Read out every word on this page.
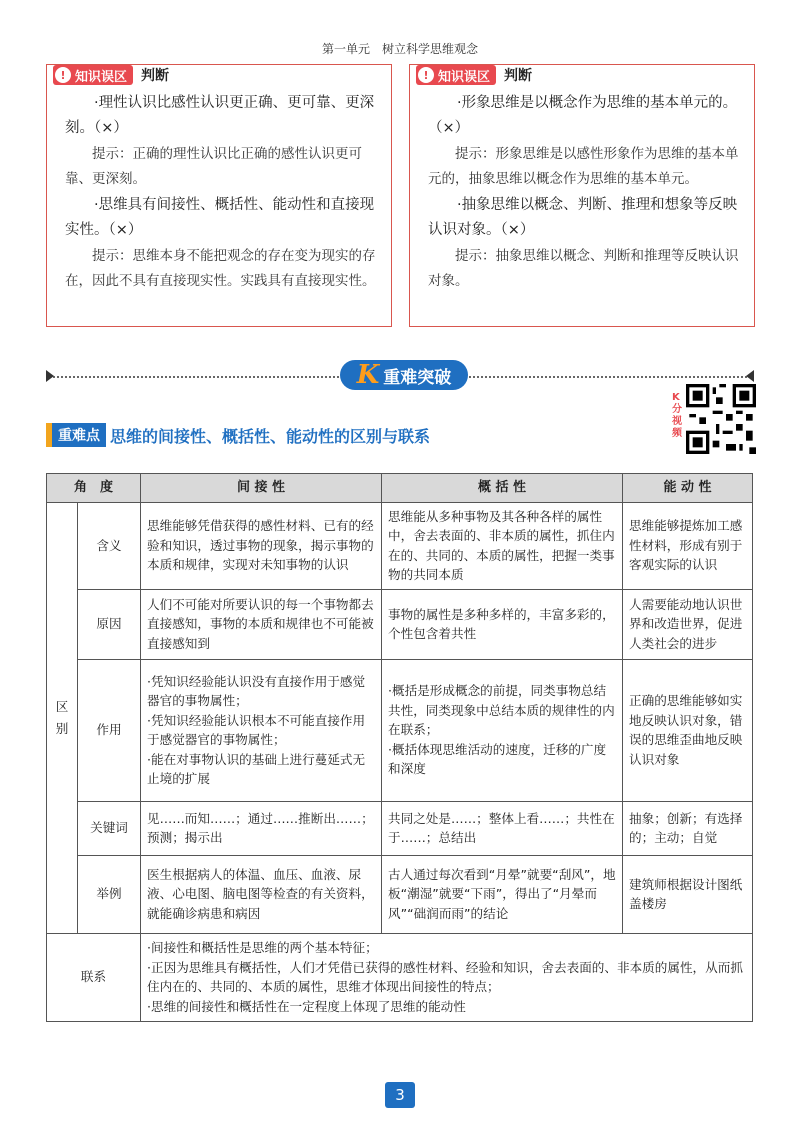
第一单元　树立科学思维观念
! 知识误区 判断

·理性认识比感性认识更正确、更可靠、更深刻。（×）

提示：正确的理性认识比正确的感性认识更可靠、更深刻。

·思维具有间接性、概括性、能动性和直接现实性。（×）

提示：思维本身不能把观念的存在变为现实的存在，因此不具有直接现实性。实践具有直接现实性。

! 知识误区 判断

·形象思维是以概念作为思维的基本单元的。（×）

提示：形象思维是以感性形象作为思维的基本单元的，抽象思维以概念作为思维的基本单元。

·抽象思维以概念、判断、推理和想象等反映认识对象。（×）

提示：抽象思维以概念、判断和推理等反映认识对象。

K 重难突破
重难点 思维的间接性、概括性、能动性的区别与联系
K分视频
角　度		间 接 性	概 括 性	能 动 性
区别	含义	思维能够凭借获得的感性材料、已有的经验和知识，透过事物的现象，揭示事物的本质和规律，实现对未知事物的认识	思维能从多种事物及其各种各样的属性中，舍去表面的、非本质的属性，抓住内在的、共同的、本质的属性，把握一类事物的共同本质	思维能够提炼加工感性材料，形成有别于客观实际的认识
	原因	人们不可能对所要认识的每一个事物都去直接感知，事物的本质和规律也不可能被直接感知到	事物的属性是多种多样的，丰富多彩的，个性包含着共性	人需要能动地认识世界和改造世界，促进人类社会的进步
	作用	·凭知识经验能认识没有直接作用于感觉器官的事物属性；
·凭知识经验能认识根本不可能直接作用于感觉器官的事物属性；
·能在对事物认识的基础上进行蔓延式无止境的扩展	·概括是形成概念的前提，同类事物总结共性，同类现象中总结本质的规律性的内在联系；
·概括体现思维活动的速度，迁移的广度和深度	正确的思维能够如实地反映认识对象，错误的思维歪曲地反映认识对象
	关键词	见……而知……；通过……推断出……；预测；揭示出	共同之处是……；整体上看……；共性在于……；总结出	抽象；创新；有选择的；主动；自觉
	举例	医生根据病人的体温、血压、血液、尿液、心电图、脑电图等检查的有关资料，就能确诊病患和病因	古人通过每次看到“月晕”就要“刮风”，地板“潮湿”就要“下雨”，得出了“月晕而风”“础润而雨”的结论	建筑师根据设计图纸盖楼房
联系		·间接性和概括性是思维的两个基本特征；
·正因为思维具有概括性，人们才凭借已获得的感性材料、经验和知识，舍去表面的、非本质的属性，从而抓住内在的、共同的、本质的属性，思维才体现出间接性的特点；
·思维的间接性和概括性在一定程度上体现了思维的能动性		
3
